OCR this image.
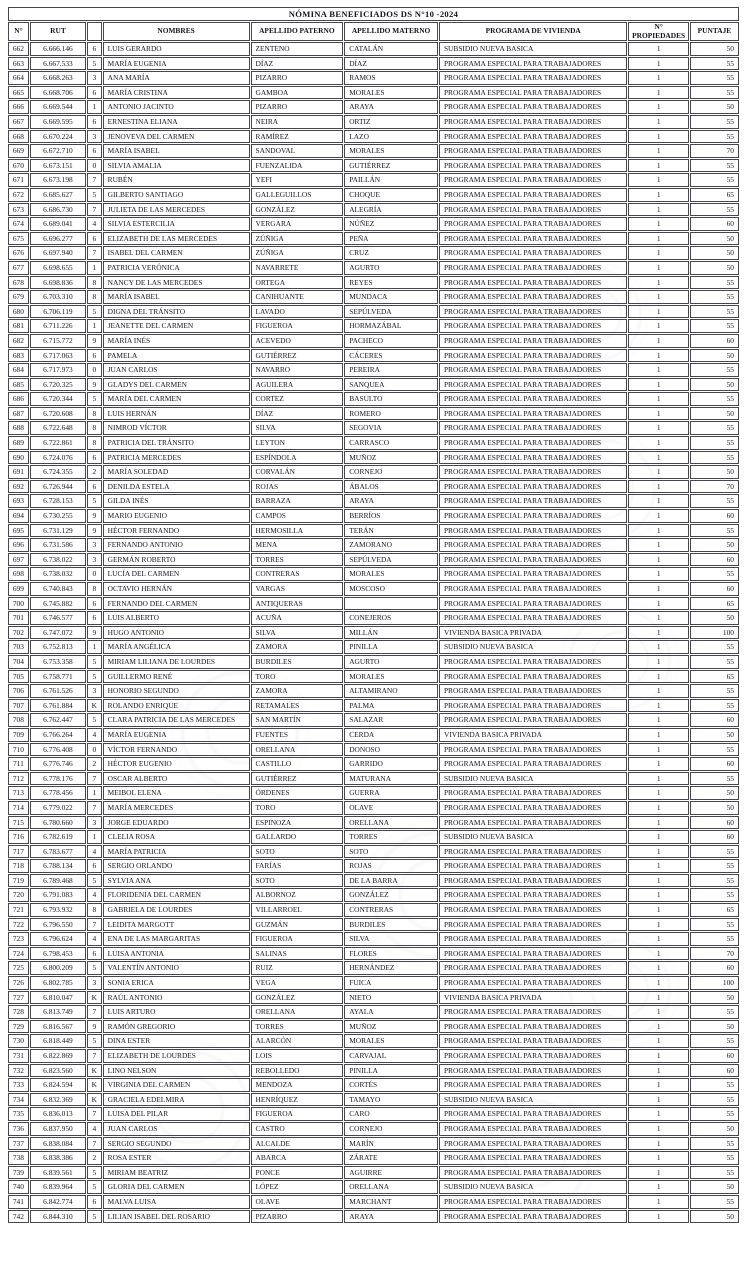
NÓMINA BENEFICIADOS DS N°10 -2024								
N°	RUT		NOMBRES	APELLIDO PATERNO	APELLIDO MATERNO	PROGRAMA DE VIVIENDA	N° PROPIEDADES	PUNTAJE
662	6.666.146	6	LUIS GERARDO	ZENTENO	CATALÁN	SUBSIDIO NUEVA BASICA	1	50
663	6.667.533	5	MARÍA EUGENIA	DÍAZ	DÍAZ	PROGRAMA ESPECIAL PARA TRABAJADORES	1	55
664	6.668.263	3	ANA MARÍA	PIZARRO	RAMOS	PROGRAMA ESPECIAL PARA TRABAJADORES	1	55
665	6.668.706	6	MARÍA CRISTINA	GAMBOA	MORALES	PROGRAMA ESPECIAL PARA TRABAJADORES	1	55
666	6.669.544	1	ANTONIO JACINTO	PIZARRO	ARAYA	PROGRAMA ESPECIAL PARA TRABAJADORES	1	50
667	6.669.595	6	ERNESTINA ELIANA	NEIRA	ORTIZ	PROGRAMA ESPECIAL PARA TRABAJADORES	1	55
668	6.670.224	3	JENOVEVA DEL CARMEN	RAMÍREZ	LAZO	PROGRAMA ESPECIAL PARA TRABAJADORES	1	55
669	6.672.710	6	MARÍA ISABEL	SANDOVAL	MORALES	PROGRAMA ESPECIAL PARA TRABAJADORES	1	70
670	6.673.151	0	SILVIA AMALIA	FUENZALIDA	GUTIÉRREZ	PROGRAMA ESPECIAL PARA TRABAJADORES	1	55
671	6.673.198	7	RUBÉN	YEFI	PAILLÁN	PROGRAMA ESPECIAL PARA TRABAJADORES	1	55
672	6.685.627	5	GILBERTO SANTIAGO	GALLEGUILLOS	CHOQUE	PROGRAMA ESPECIAL PARA TRABAJADORES	1	65
673	6.686.730	7	JULIETA DE LAS MERCEDES	GONZÁLEZ	ALEGRÍA	PROGRAMA ESPECIAL PARA TRABAJADORES	1	55
674	6.689.041	4	SILVIA ESTERCILIA	VERGARA	NÚÑEZ	PROGRAMA ESPECIAL PARA TRABAJADORES	1	60
675	6.696.277	6	ELIZABETH DE LAS MERCEDES	ZÚÑIGA	PEÑA	PROGRAMA ESPECIAL PARA TRABAJADORES	1	50
676	6.697.940	7	ISABEL DEL CARMEN	ZÚÑIGA	CRUZ	PROGRAMA ESPECIAL PARA TRABAJADORES	1	50
677	6.698.655	1	PATRICIA VERÓNICA	NAVARRETE	AGURTO	PROGRAMA ESPECIAL PARA TRABAJADORES	1	50
678	6.698.836	8	NANCY DE LAS MERCEDES	ORTEGA	REYES	PROGRAMA ESPECIAL PARA TRABAJADORES	1	55
679	6.703.310	8	MARÍA ISABEL	CANIHUANTE	MUNDACA	PROGRAMA ESPECIAL PARA TRABAJADORES	1	55
680	6.706.119	5	DIGNA DEL TRÁNSITO	LAVADO	SEPÚLVEDA	PROGRAMA ESPECIAL PARA TRABAJADORES	1	55
681	6.711.226	1	JEANETTE DEL CARMEN	FIGUEROA	HORMAZÁBAL	PROGRAMA ESPECIAL PARA TRABAJADORES	1	55
682	6.715.772	9	MARÍA INÉS	ACEVEDO	PACHECO	PROGRAMA ESPECIAL PARA TRABAJADORES	1	60
683	6.717.063	6	PAMELA	GUTIÉRREZ	CÁCERES	PROGRAMA ESPECIAL PARA TRABAJADORES	1	50
684	6.717.973	0	JUAN CARLOS	NAVARRO	PEREIRA	PROGRAMA ESPECIAL PARA TRABAJADORES	1	55
685	6.720.325	9	GLADYS DEL CARMEN	AGUILERA	SANQUEA	PROGRAMA ESPECIAL PARA TRABAJADORES	1	50
686	6.720.344	5	MARÍA DEL CARMEN	CORTEZ	BASULTO	PROGRAMA ESPECIAL PARA TRABAJADORES	1	55
687	6.720.608	8	LUIS HERNÁN	DÍAZ	ROMERO	PROGRAMA ESPECIAL PARA TRABAJADORES	1	50
688	6.722.648	8	NIMROD VÍCTOR	SILVA	SEGOVIA	PROGRAMA ESPECIAL PARA TRABAJADORES	1	55
689	6.722.861	8	PATRICIA DEL TRÁNSITO	LEYTON	CARRASCO	PROGRAMA ESPECIAL PARA TRABAJADORES	1	55
690	6.724.076	6	PATRICIA MERCEDES	ESPÍNDOLA	MUÑOZ	PROGRAMA ESPECIAL PARA TRABAJADORES	1	55
691	6.724.355	2	MARÍA SOLEDAD	CORVALÁN	CORNEJO	PROGRAMA ESPECIAL PARA TRABAJADORES	1	50
692	6.726.944	6	DENILDA ESTELA	ROJAS	ÁBALOS	PROGRAMA ESPECIAL PARA TRABAJADORES	1	70
693	6.728.153	5	GILDA INÉS	BARRAZA	ARAYA	PROGRAMA ESPECIAL PARA TRABAJADORES	1	55
694	6.730.255	9	MARIO EUGENIO	CAMPOS	BERRÍOS	PROGRAMA ESPECIAL PARA TRABAJADORES	1	60
695	6.731.129	9	HÉCTOR FERNANDO	HERMOSILLA	TERÁN	PROGRAMA ESPECIAL PARA TRABAJADORES	1	55
696	6.731.586	3	FERNANDO ANTONIO	MENA	ZAMORANO	PROGRAMA ESPECIAL PARA TRABAJADORES	1	50
697	6.738.022	3	GERMÁN ROBERTO	TORRES	SEPÚLVEDA	PROGRAMA ESPECIAL PARA TRABAJADORES	1	60
698	6.738.032	0	LUCÍA DEL CARMEN	CONTRERAS	MORALES	PROGRAMA ESPECIAL PARA TRABAJADORES	1	55
699	6.740.843	8	OCTAVIO HERNÁN	VARGAS	MOSCOSO	PROGRAMA ESPECIAL PARA TRABAJADORES	1	60
700	6.745.882	6	FERNANDO DEL CARMEN	ANTIQUERAS		PROGRAMA ESPECIAL PARA TRABAJADORES	1	65
701	6.746.577	6	LUIS ALBERTO	ACUÑA	CONEJEROS	PROGRAMA ESPECIAL PARA TRABAJADORES	1	50
702	6.747.072	9	HUGO ANTONIO	SILVA	MILLÁN	VIVIENDA BASICA PRIVADA	1	100
703	6.752.813	1	MARÍA ANGÉLICA	ZAMORA	PINILLA	SUBSIDIO NUEVA BASICA	1	55
704	6.753.358	5	MIRIAM LILIANA DE LOURDES	BURDILES	AGURTO	PROGRAMA ESPECIAL PARA TRABAJADORES	1	55
705	6.758.771	5	GUILLERMO RENÉ	TORO	MORALES	PROGRAMA ESPECIAL PARA TRABAJADORES	1	65
706	6.761.526	3	HONORIO SEGUNDO	ZAMORA	ALTAMIRANO	PROGRAMA ESPECIAL PARA TRABAJADORES	1	55
707	6.761.884	K	ROLANDO ENRIQUE	RETAMALES	PALMA	PROGRAMA ESPECIAL PARA TRABAJADORES	1	55
708	6.762.447	5	CLARA PATRICIA DE LAS MERCEDES	SAN MARTÍN	SALAZAR	PROGRAMA ESPECIAL PARA TRABAJADORES	1	60
709	6.766.264	4	MARÍA EUGENIA	FUENTES	CERDA	VIVIENDA BASICA PRIVADA	1	50
710	6.776.408	0	VÍCTOR FERNANDO	ORELLANA	DONOSO	PROGRAMA ESPECIAL PARA TRABAJADORES	1	55
711	6.776.746	2	HÉCTOR EUGENIO	CASTILLO	GARRIDO	PROGRAMA ESPECIAL PARA TRABAJADORES	1	60
712	6.778.176	7	OSCAR ALBERTO	GUTIÉRREZ	MATURANA	SUBSIDIO NUEVA BASICA	1	55
713	6.778.456	1	MEIBOL ELENA	ÓRDENES	GUERRA	PROGRAMA ESPECIAL PARA TRABAJADORES	1	50
714	6.779.022	7	MARÍA MERCEDES	TORO	OLAVE	PROGRAMA ESPECIAL PARA TRABAJADORES	1	50
715	6.780.660	3	JORGE EDUARDO	ESPINOZA	ORELLANA	PROGRAMA ESPECIAL PARA TRABAJADORES	1	60
716	6.782.619	1	CLELIA ROSA	GALLARDO	TORRES	SUBSIDIO NUEVA BASICA	1	60
717	6.783.677	4	MARÍA PATRICIA	SOTO	SOTO	PROGRAMA ESPECIAL PARA TRABAJADORES	1	55
718	6.788.134	6	SERGIO ORLANDO	FARÍAS	ROJAS	PROGRAMA ESPECIAL PARA TRABAJADORES	1	55
719	6.789.468	5	SYLVIA ANA	SOTO	DE LA BARRA	PROGRAMA ESPECIAL PARA TRABAJADORES	1	55
720	6.791.083	4	FLORIDENIA DEL CARMEN	ALBORNOZ	GONZÁLEZ	PROGRAMA ESPECIAL PARA TRABAJADORES	1	55
721	6.793.932	8	GABRIELA DE LOURDES	VILLARROEL	CONTRERAS	PROGRAMA ESPECIAL PARA TRABAJADORES	1	65
722	6.796.550	7	LEIDITA MARGOTT	GUZMÁN	BURDILES	PROGRAMA ESPECIAL PARA TRABAJADORES	1	55
723	6.796.624	4	ENA DE LAS MARGARITAS	FIGUEROA	SILVA	PROGRAMA ESPECIAL PARA TRABAJADORES	1	55
724	6.798.453	6	LUISA ANTONIA	SALINAS	FLORES	PROGRAMA ESPECIAL PARA TRABAJADORES	1	70
725	6.800.209	5	VALENTÍN ANTONIO	RUIZ	HERNÁNDEZ	PROGRAMA ESPECIAL PARA TRABAJADORES	1	60
726	6.802.785	3	SONIA ERICA	VEGA	FUICA	PROGRAMA ESPECIAL PARA TRABAJADORES	1	100
727	6.810.047	K	RAÚL ANTONIO	GONZÁLEZ	NIETO	VIVIENDA BASICA PRIVADA	1	50
728	6.813.749	7	LUIS ARTURO	ORELLANA	AYALA	PROGRAMA ESPECIAL PARA TRABAJADORES	1	55
729	6.816.567	9	RAMÓN GREGORIO	TORRES	MUÑOZ	PROGRAMA ESPECIAL PARA TRABAJADORES	1	50
730	6.818.449	5	DINA ESTER	ALARCÓN	MORALES	PROGRAMA ESPECIAL PARA TRABAJADORES	1	55
731	6.822.869	7	ELIZABETH DE LOURDES	LOIS	CARVAJAL	PROGRAMA ESPECIAL PARA TRABAJADORES	1	60
732	6.823.560	K	LINO NELSON	REBOLLEDO	PINILLA	PROGRAMA ESPECIAL PARA TRABAJADORES	1	60
733	6.824.594	K	VIRGINIA DEL CARMEN	MENDOZA	CORTÉS	PROGRAMA ESPECIAL PARA TRABAJADORES	1	55
734	6.832.369	K	GRACIELA EDELMIRA	HENRÍQUEZ	TAMAYO	SUBSIDIO NUEVA BASICA	1	55
735	6.836.013	7	LUISA DEL PILAR	FIGUEROA	CARO	PROGRAMA ESPECIAL PARA TRABAJADORES	1	55
736	6.837.950	4	JUAN CARLOS	CASTRO	CORNEJO	PROGRAMA ESPECIAL PARA TRABAJADORES	1	50
737	6.838.084	7	SERGIO SEGUNDO	ALCALDE	MARÍN	PROGRAMA ESPECIAL PARA TRABAJADORES	1	55
738	6.838.386	2	ROSA ESTER	ABARCA	ZÁRATE	PROGRAMA ESPECIAL PARA TRABAJADORES	1	55
739	6.839.561	5	MIRIAM BEATRIZ	PONCE	AGUIRRE	PROGRAMA ESPECIAL PARA TRABAJADORES	1	55
740	6.839.964	5	GLORIA DEL CARMEN	LÓPEZ	ORELLANA	SUBSIDIO NUEVA BASICA	1	50
741	6.842.774	6	MALVA LUISA	OLAVE	MARCHANT	PROGRAMA ESPECIAL PARA TRABAJADORES	1	55
742	6.844.310	5	LILIAN ISABEL DEL ROSARIO	PIZARRO	ARAYA	PROGRAMA ESPECIAL PARA TRABAJADORES	1	50
